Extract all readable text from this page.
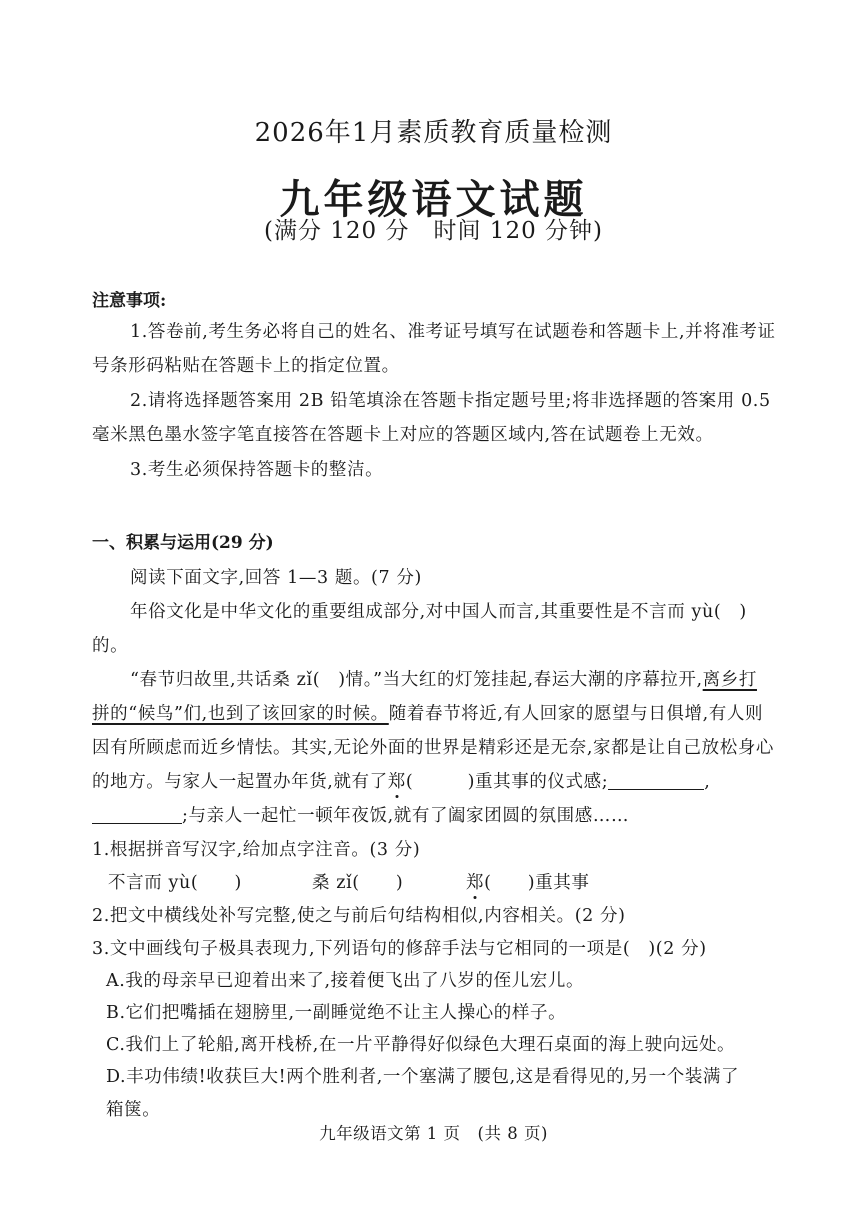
2026年1月素质教育质量检测
九年级语文试题
(满分 120 分　时间 120 分钟)
注意事项:
1.答卷前,考生务必将自己的姓名、准考证号填写在试题卷和答题卡上,并将准考证
号条形码粘贴在答题卡上的指定位置。
2.请将选择题答案用 2B 铅笔填涂在答题卡指定题号里;将非选择题的答案用 0.5
毫米黑色墨水签字笔直接答在答题卡上对应的答题区域内,答在试题卷上无效。
3.考生必须保持答题卡的整洁。
一、积累与运用(29 分)
阅读下面文字,回答 1—3 题。(7 分)
年俗文化是中华文化的重要组成部分,对中国人而言,其重要性是不言而 yù(　)
的。
“春节归故里,共话桑 zǐ(　)情。”当大红的灯笼挂起,春运大潮的序幕拉开,离乡打
拼的“候鸟”们,也到了该回家的时候。随着春节将近,有人回家的愿望与日俱增,有人则
因有所顾虑而近乡情怯。其实,无论外面的世界是精彩还是无奈,家都是让自己放松身心
的地方。与家人一起置办年货,就有了郑(　　　)重其事的仪式感;	,
;与亲人一起忙一顿年夜饭,就有了阖家团圆的氛围感……
1.根据拼音写汉字,给加点字注音。(3 分)
不言而 yù(　　)	桑 zǐ(　　)	郑(　　)重其事
2.把文中横线处补写完整,使之与前后句结构相似,内容相关。(2 分)
3.文中画线句子极具表现力,下列语句的修辞手法与它相同的一项是(　)(2 分)
A.我的母亲早已迎着出来了,接着便飞出了八岁的侄儿宏儿。
B.它们把嘴插在翅膀里,一副睡觉绝不让主人操心的样子。
C.我们上了轮船,离开栈桥,在一片平静得好似绿色大理石桌面的海上驶向远处。
D.丰功伟绩!收获巨大!两个胜利者,一个塞满了腰包,这是看得见的,另一个装满了
箱箧。
九年级语文第 1 页　(共 8 页)
